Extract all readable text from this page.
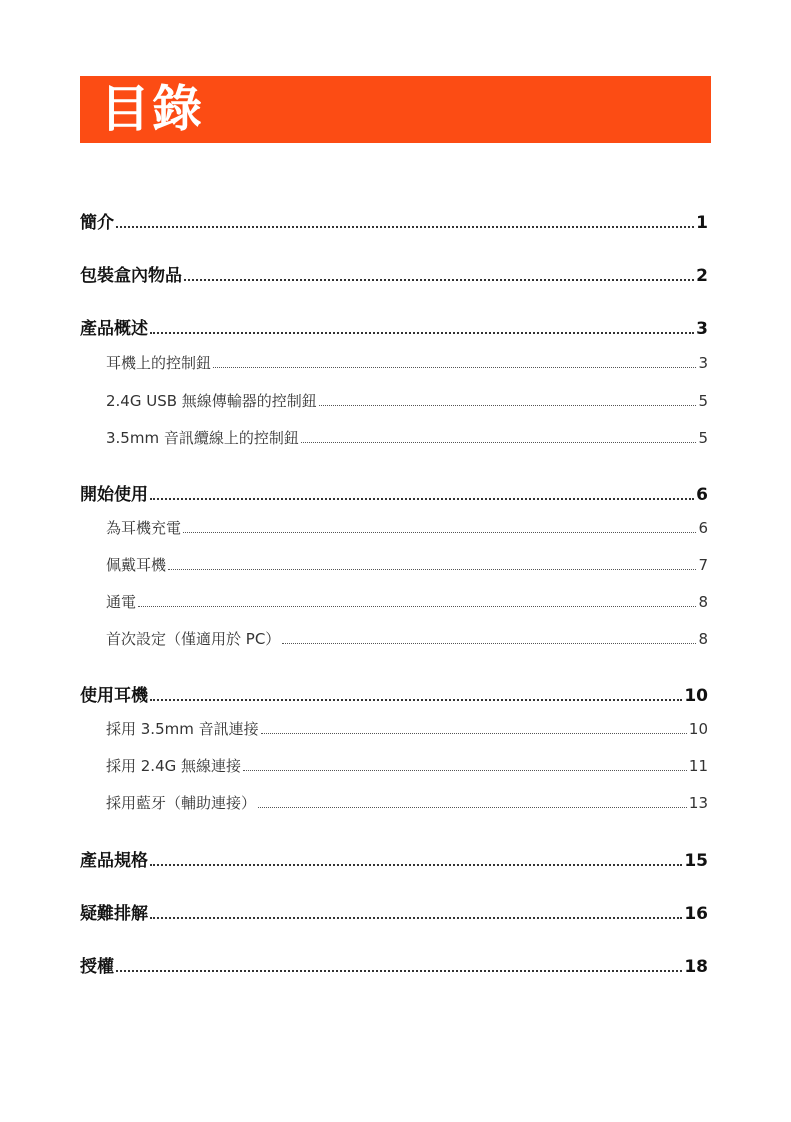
目錄
簡介	1
包裝盒內物品	2
產品概述	3
耳機上的控制鈕	3
2.4G USB 無線傳輸器的控制鈕	5
3.5mm 音訊纜線上的控制鈕	5
開始使用	6
為耳機充電	6
佩戴耳機	7
通電	8
首次設定（僅適用於 PC）	8
使用耳機	10
採用 3.5mm 音訊連接	10
採用 2.4G 無線連接	11
採用藍牙（輔助連接）	13
產品規格	15
疑難排解	16
授權	18
